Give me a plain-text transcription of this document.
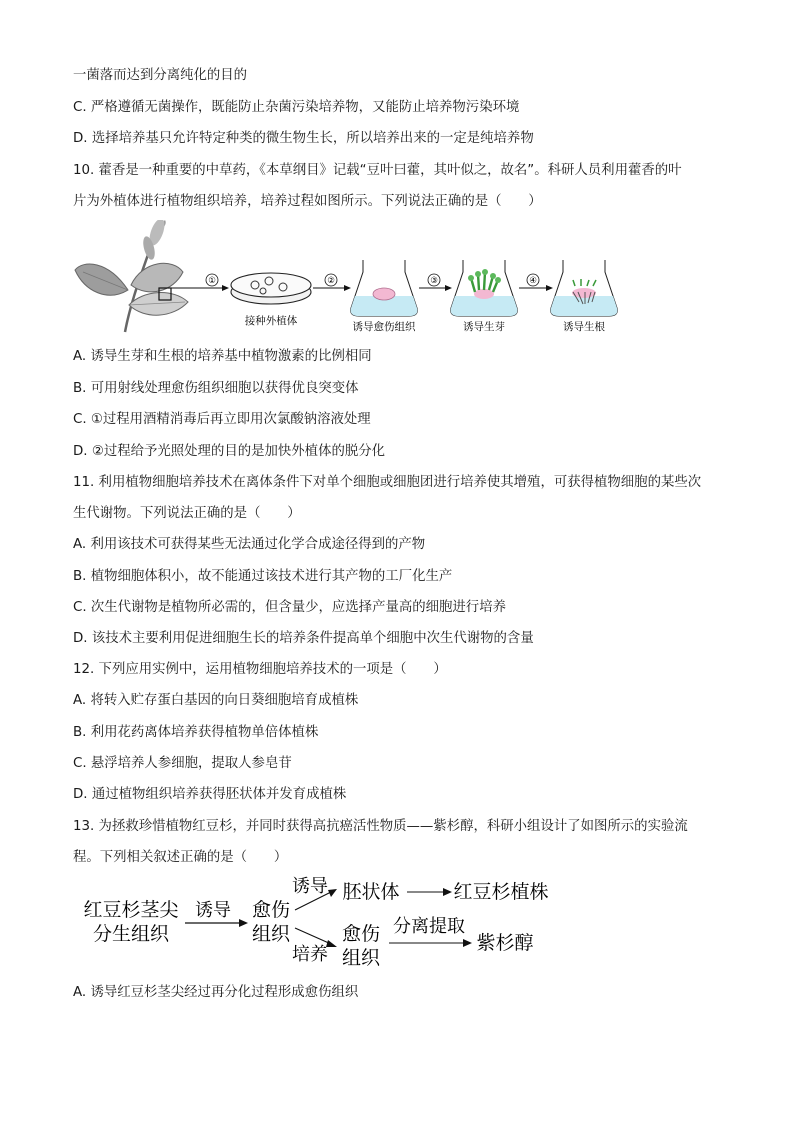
一菌落而达到分离纯化的目的
C. 严格遵循无菌操作，既能防止杂菌污染培养物，又能防止培养物污染环境
D. 选择培养基只允许特定种类的微生物生长，所以培养出来的一定是纯培养物
10. 藿香是一种重要的中草药，《本草纲目》记载“豆叶曰藿，其叶似之，故名”。科研人员利用藿香的叶
片为外植体进行植物组织培养，培养过程如图所示。下列说法正确的是（　　）
①
接种外植体
②
诱导愈伤组织
③
诱导生芽
④
诱导生根
A. 诱导生芽和生根的培养基中植物激素的比例相同
B. 可用射线处理愈伤组织细胞以获得优良突变体
C. ①过程用酒精消毒后再立即用次氯酸钠溶液处理
D. ②过程给予光照处理的目的是加快外植体的脱分化
11. 利用植物细胞培养技术在离体条件下对单个细胞或细胞团进行培养使其增殖，可获得植物细胞的某些次
生代谢物。下列说法正确的是（　　）
A. 利用该技术可获得某些无法通过化学合成途径得到的产物
B. 植物细胞体积小，故不能通过该技术进行其产物的工厂化生产
C. 次生代谢物是植物所必需的，但含量少，应选择产量高的细胞进行培养
D. 该技术主要利用促进细胞生长的培养条件提高单个细胞中次生代谢物的含量
12. 下列应用实例中，运用植物细胞培养技术的一项是（　　）
A. 将转入贮存蛋白基因的向日葵细胞培育成植株
B. 利用花药离体培养获得植物单倍体植株
C. 悬浮培养人参细胞，提取人参皂苷
D. 通过植物组织培养获得胚状体并发育成植株
13. 为拯救珍惜植物红豆杉，并同时获得高抗癌活性物质——紫杉醇，科研小组设计了如图所示的实验流
程。下列相关叙述正确的是（　　）
红豆杉茎尖
分生组织
诱导 愈伤
组织
诱导 胚状体	红豆杉植株
培养
愈伤
组织
分离提取
紫杉醇
A. 诱导红豆杉茎尖经过再分化过程形成愈伤组织
